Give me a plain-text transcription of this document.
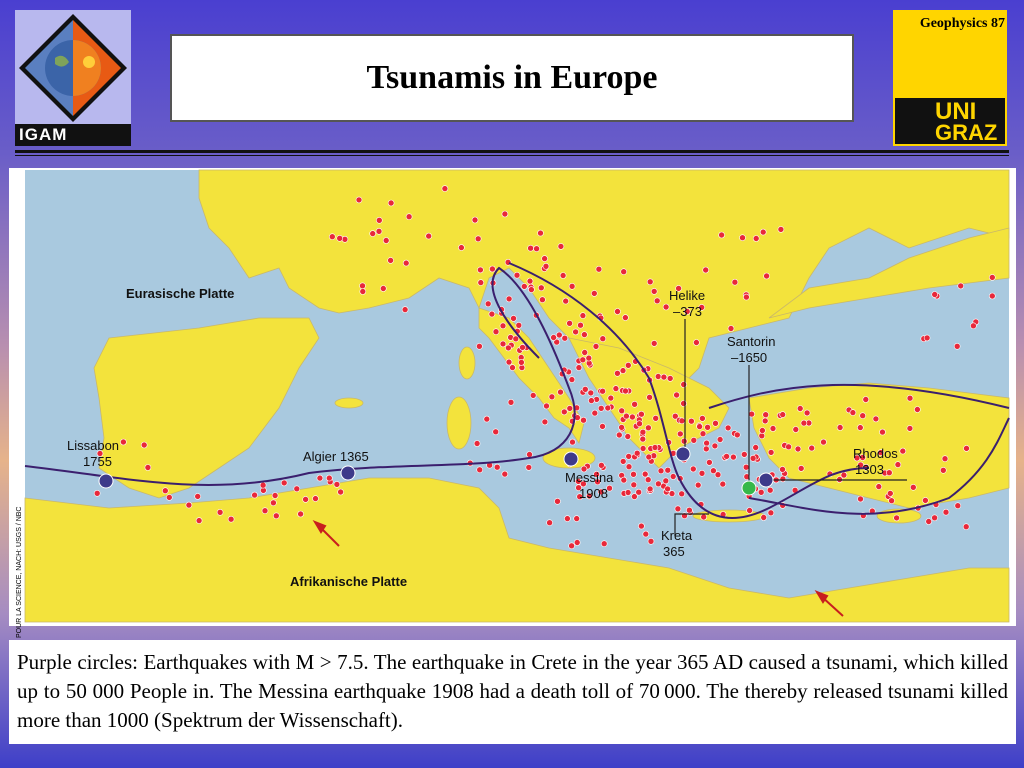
IGAM
Tsunamis in Europe
Geophysics 87
UNI
GRAZ
Eurasische Platte
Afrikanische Platte
Lissabon
1755	Algier 1365
Messina
1908
Helike
–373
Santorin
–1650
Kreta
365
Rhodos
1303
POUR LA SCIENCE, NACH: USGS / NBC
Purple circles: Earthquakes with M > 7.5. The earthquake in Crete in the year 365 AD caused a tsunami, which killed up to 50 000 People in. The Messina earthquake 1908 had a death toll of 70 000. The thereby released tsunami killed more than 1000 (Spektrum der Wissenschaft).
